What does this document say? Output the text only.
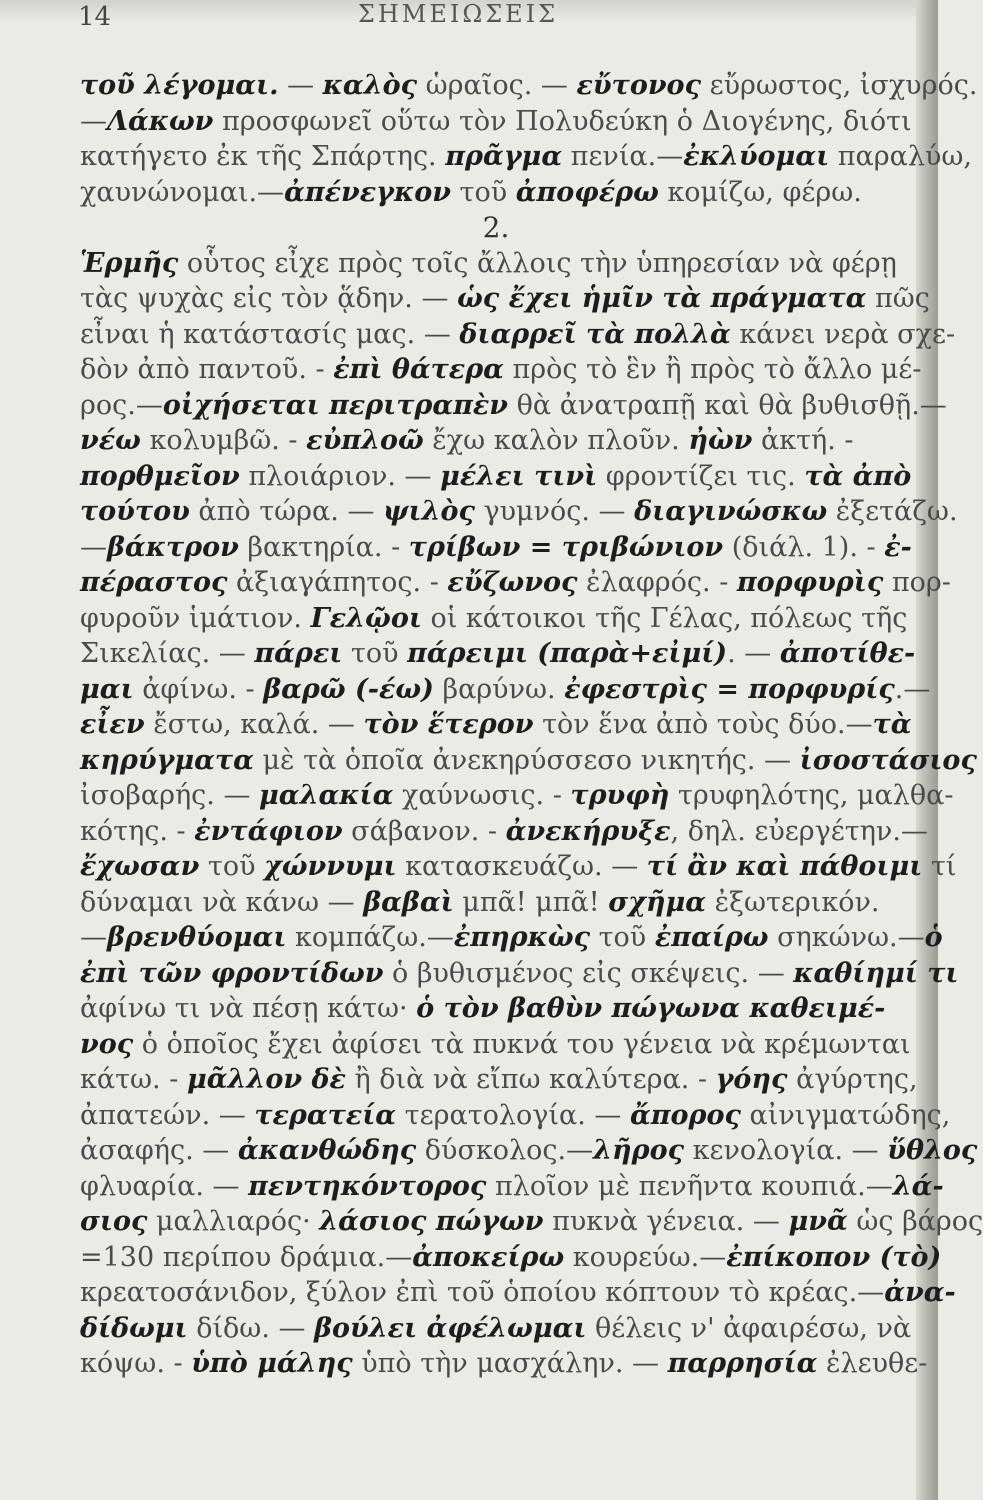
14	ΣΗΜΕΙΩΣΕΙΣ
τοῦ λέγομαι. — καλὸς ὡραῖος. — εὔτονος εὔρωστος, ἰσχυρός.
—Λάκων προσφωνεῖ οὕτω τὸν Πολυδεύκη ὁ Διογένης, διότι
κατήγετο ἐκ τῆς Σπάρτης. πρᾶγμα πενία.—ἐκλύομαι παραλύω,
χαυνώνομαι.—ἀπένεγκον τοῦ ἀποφέρω κομίζω, φέρω.
2.
Ἑρμῆς οὗτος εἶχε πρὸς τοῖς ἄλλοις τὴν ὑπηρεσίαν νὰ φέρῃ
τὰς ψυχὰς εἰς τὸν ᾅδην. — ὡς ἔχει ἡμῖν τὰ πράγματα πῶς
εἶναι ἡ κατάστασίς μας. — διαρρεῖ τὰ πολλὰ κάνει νερὰ σχε-
δὸν ἀπὸ παντοῦ. - ἐπὶ θάτερα πρὸς τὸ ἓν ἢ πρὸς τὸ ἄλλο μέ-
ρος.—οἰχήσεται περιτραπὲν θὰ ἀνατραπῇ καὶ θὰ βυθισθῇ.—
νέω κολυμβῶ. - εὐπλοῶ ἔχω καλὸν πλοῦν. ἠὼν ἀκτή. -
πορθμεῖον πλοιάριον. — μέλει τινὶ φροντίζει τις. τὰ ἀπὸ
τούτου ἀπὸ τώρα. — ψιλὸς γυμνός. — διαγινώσκω ἐξετάζω.
—βάκτρον βακτηρία. - τρίβων = τριβώνιον (διάλ. 1). - ἐ-
πέραστος ἀξιαγάπητος. - εὔζωνος ἐλαφρός. - πορφυρὶς πορ-
φυροῦν ἱμάτιον. Γελῷοι οἱ κάτοικοι τῆς Γέλας, πόλεως τῆς
Σικελίας. — πάρει τοῦ πάρειμι (παρὰ+εἰμί). — ἀποτίθε-
μαι ἀφίνω. - βαρῶ (-έω) βαρύνω. ἐφεστρὶς = πορφυρίς.—
εἶεν ἔστω, καλά. — τὸν ἕτερον τὸν ἕνα ἀπὸ τοὺς δύο.—τὰ
κηρύγματα μὲ τὰ ὁποῖα ἀνεκηρύσσεσο νικητής. — ἰσοστάσιος
ἰσοβαρής. — μαλακία χαύνωσις. - τρυφὴ τρυφηλότης, μαλθα-
κότης. - ἐντάφιον σάβανον. - ἀνεκήρυξε, δηλ. εὐεργέτην.—
ἔχωσαν τοῦ χώννυμι κατασκευάζω. — τί ἂν καὶ πάθοιμι τί
δύναμαι νὰ κάνω — βαβαὶ μπᾶ! μπᾶ! σχῆμα ἐξωτερικόν.
—βρενθύομαι κομπάζω.—ἐπηρκὼς τοῦ ἐπαίρω σηκώνω.—ὁ
ἐπὶ τῶν φροντίδων ὁ βυθισμένος εἰς σκέψεις. — καθίημί τι
ἀφίνω τι νὰ πέσῃ κάτω· ὁ τὸν βαθὺν πώγωνα καθειμέ-
νος ὁ ὁποῖος ἔχει ἀφίσει τὰ πυκνά του γένεια νὰ κρέμωνται
κάτω. - μᾶλλον δὲ ἢ διὰ νὰ εἴπω καλύτερα. - γόης ἀγύρτης,
ἀπατεών. — τερατεία τερατολογία. — ἄπορος αἰνιγματώδης,
ἀσαφής. — ἀκανθώδης δύσκολος.—λῆρος κενολογία. — ὕθλος
φλυαρία. — πεντηκόντορος πλοῖον μὲ πενῆντα κουπιά.—λά-
σιος μαλλιαρός· λάσιος πώγων πυκνὰ γένεια. — μνᾶ ὡς βάρος
=130 περίπου δράμια.—ἀποκείρω κουρεύω.—ἐπίκοπον (τὸ)
κρεατοσάνιδον, ξύλον ἐπὶ τοῦ ὁποίου κόπτουν τὸ κρέας.—ἀνα-
δίδωμι δίδω. — βούλει ἀφέλωμαι θέλεις ν' ἀφαιρέσω, νὰ
κόψω. - ὑπὸ μάλης ὑπὸ τὴν μασχάλην. — παρρησία ἐλευθε-
